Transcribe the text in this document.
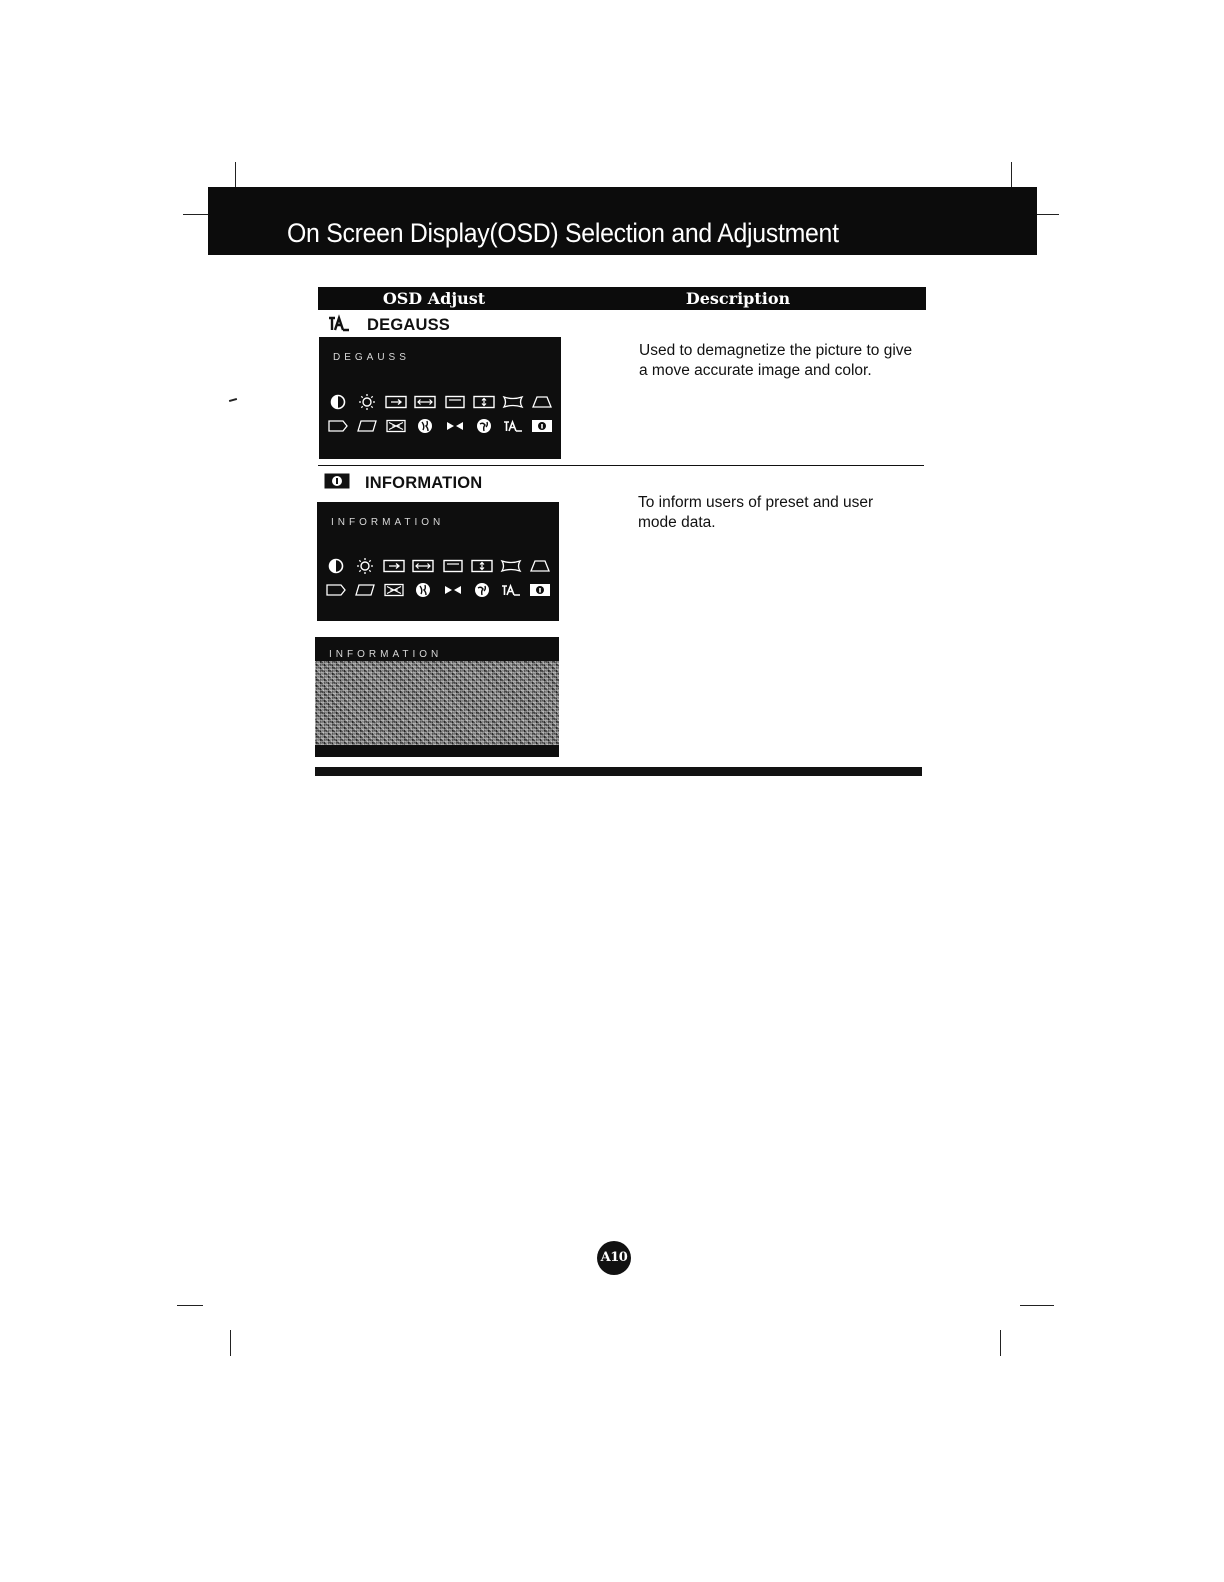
On Screen Display(OSD) Selection and Adjustment
OSD Adjust	Description
DEGAUSS
DEGAUSS	Used to demagnetize the picture to give a move accurate image and color.
INFORMATION
INFORMATION
INFORMATION
To inform users of preset and user mode data.
A10
